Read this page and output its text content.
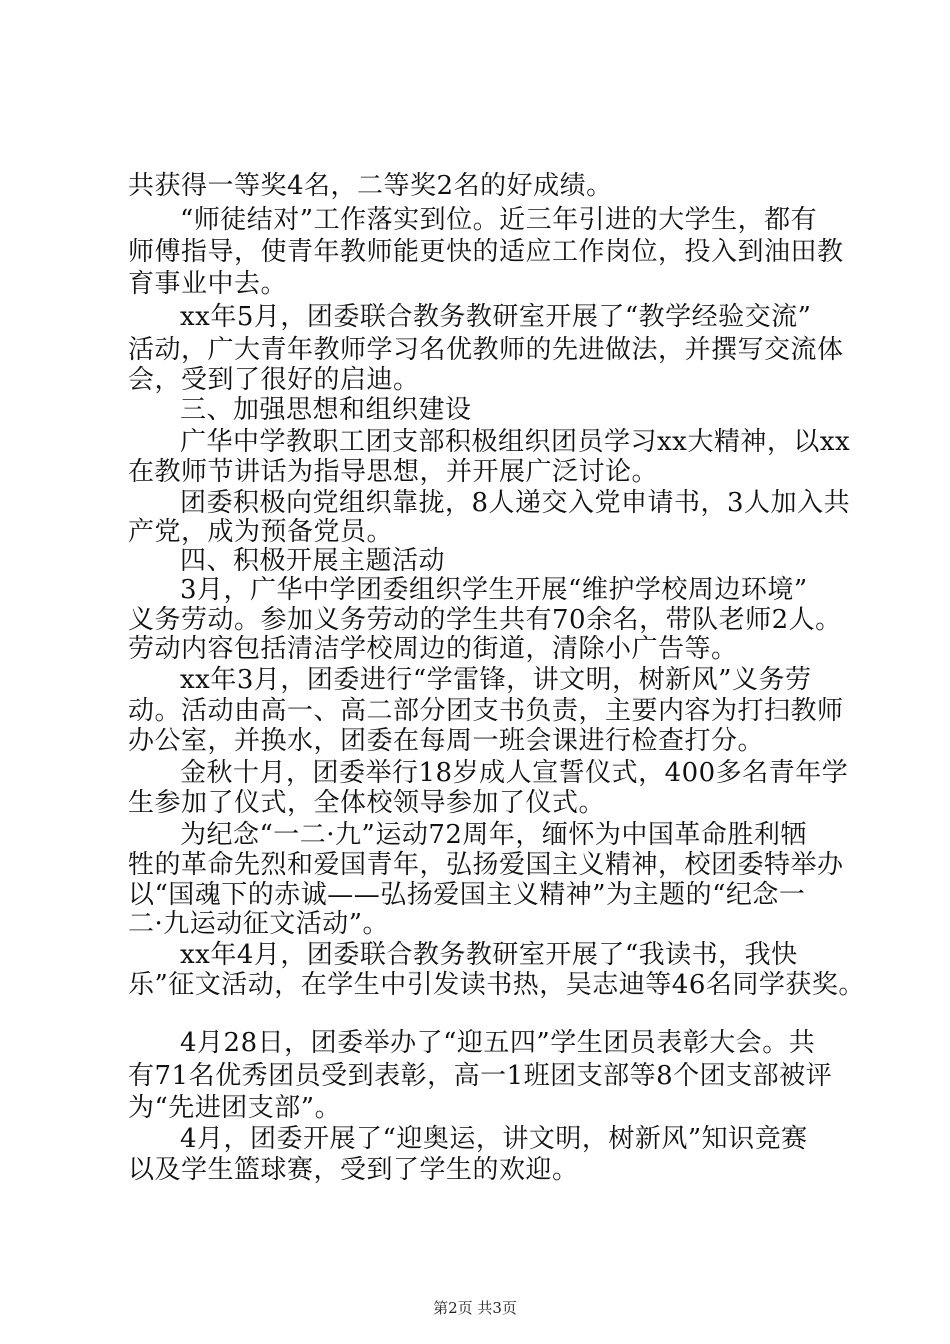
共获得一等奖4名，二等奖2名的好成绩。
“师徒结对”工作落实到位。近三年引进的大学生，都有
师傅指导，使青年教师能更快的适应工作岗位，投入到油田教
育事业中去。
xx年5月，团委联合教务教研室开展了“教学经验交流”
活动，广大青年教师学习名优教师的先进做法，并撰写交流体
会，受到了很好的启迪。
三、加强思想和组织建设
广华中学教职工团支部积极组织团员学习xx大精神，以xx
在教师节讲话为指导思想，并开展广泛讨论。
团委积极向党组织靠拢，8人递交入党申请书，3人加入共
产党，成为预备党员。
四、积极开展主题活动
3月，广华中学团委组织学生开展“维护学校周边环境”
义务劳动。参加义务劳动的学生共有70余名，带队老师2人。
劳动内容包括清洁学校周边的街道，清除小广告等。
xx年3月，团委进行“学雷锋，讲文明，树新风”义务劳
动。活动由高一、高二部分团支书负责，主要内容为打扫教师
办公室，并换水，团委在每周一班会课进行检查打分。
金秋十月，团委举行18岁成人宣誓仪式，400多名青年学
生参加了仪式，全体校领导参加了仪式。
为纪念“一二·九”运动72周年，缅怀为中国革命胜利牺
牲的革命先烈和爱国青年，弘扬爱国主义精神，校团委特举办
以“国魂下的赤诚——弘扬爱国主义精神”为主题的“纪念一
二·九运动征文活动”。
xx年4月，团委联合教务教研室开展了“我读书，我快
乐”征文活动，在学生中引发读书热，吴志迪等46名同学获奖。
4月28日，团委举办了“迎五四”学生团员表彰大会。共
有71名优秀团员受到表彰，高一1班团支部等8个团支部被评
为“先进团支部”。
4月，团委开展了“迎奥运，讲文明，树新风”知识竞赛
以及学生篮球赛，受到了学生的欢迎。
第2页 共3页
